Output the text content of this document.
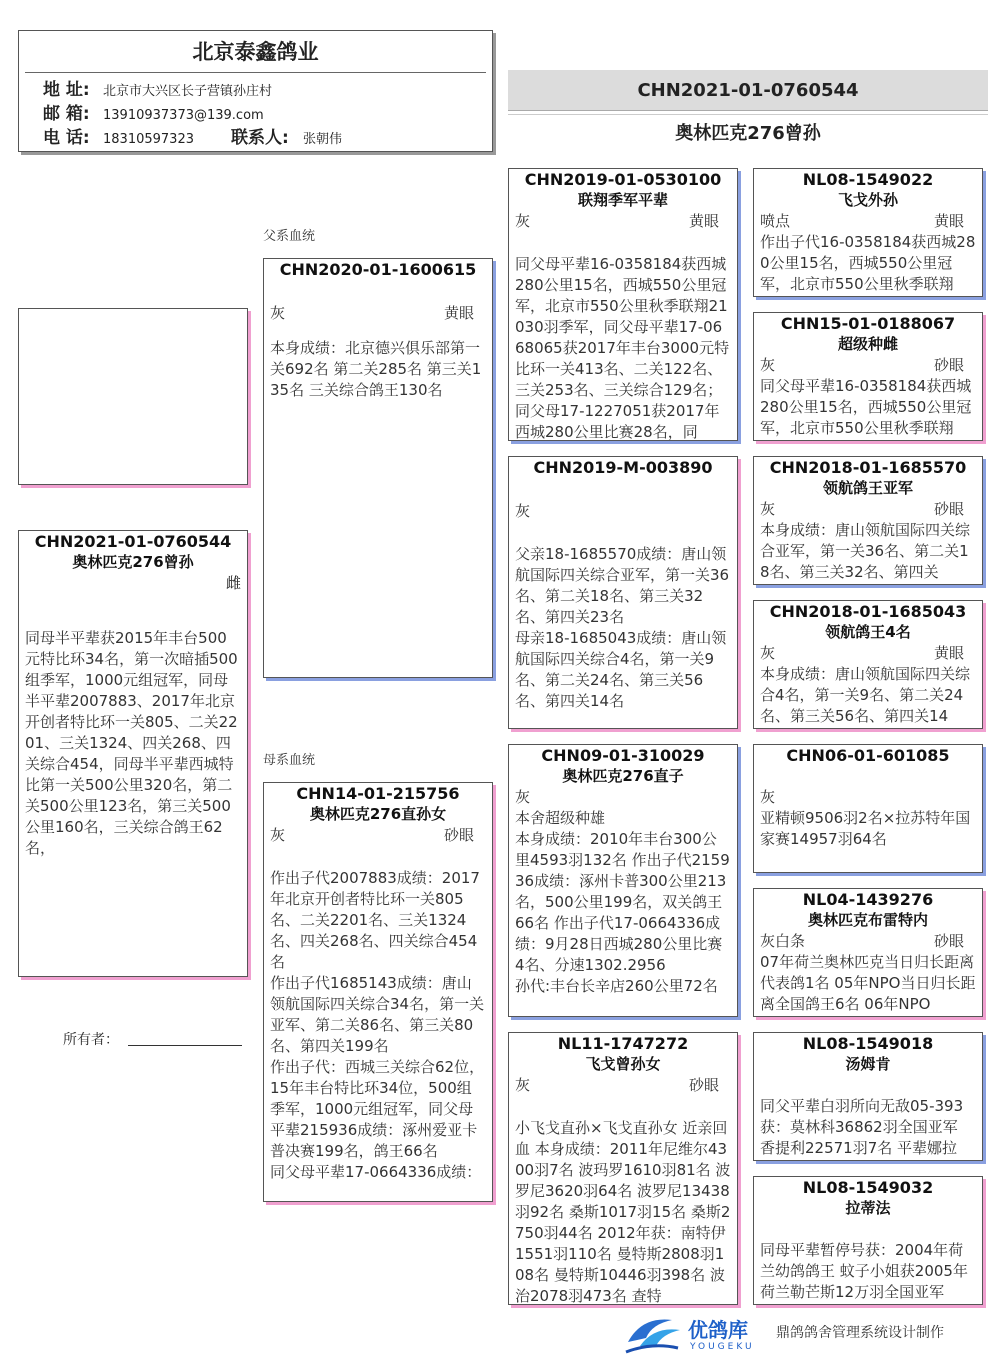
北京泰鑫鸽业
地 址:	北京市大兴区长子营镇孙庄村
邮 箱:	13910937373@139.com
电 话:	18310597323	联系人:	张朝伟
CHN2021-01-0760544
奥林匹克276曾孙
父系血统
母系血统
CHN2021-01-0760544
奥林匹克276曾孙
雌
同母半平辈获2015年丰台500元特比环34名，第一次暗插500组季军，1000元组冠军，同母半平辈2007883、2017年北京开创者特比环一关805、二关2201、三关1324、四关268、四关综合454，同母半平辈西城特比第一关500公里320名，第二关500公里123名，第三关500公里160名，三关综合鸽王62名，
所有者：
CHN2020-01-1600615
灰	黄眼
本身成绩：北京德兴俱乐部第一关692名 第二关285名 第三关135名 三关综合鸽王130名
CHN14-01-215756
奥林匹克276直孙女
灰	砂眼
作出子代2007883成绩：2017年北京开创者特比环一关805名、二关2201名、三关1324名、四关268名、四关综合454名
作出子代1685143成绩：唐山领航国际四关综合34名，第一关亚军、第二关86名、第三关80名、第四关199名
作出子代：西城三关综合62位，15年丰台特比环34位，500组季军，1000元组冠军，同父母平辈215936成绩：涿州爱亚卡普决赛199名，鸽王66名
同父母平辈17-0664336成绩：
CHN2019-01-0530100
联翔季军平辈
灰	黄眼
同父母平辈16-0358184获西城280公里15名，西城550公里冠军，北京市550公里秋季联翔21030羽季军，同父母平辈17-0668065获2017年丰台3000元特比环一关413名、二关122名、三关253名、三关综合129名；同父母17-1227051获2017年西城280公里比赛28名，同
CHN2019-M-003890
灰
父亲18-1685570成绩：唐山领航国际四关综合亚军，第一关36名、第二关18名、第三关32名、第四关23名
母亲18-1685043成绩：唐山领航国际四关综合4名，第一关9名、第二关24名、第三关56名、第四关14名
CHN09-01-310029
奥林匹克276直子
灰
本舍超级种雄
本身成绩：2010年丰台300公里4593羽132名 作出子代215936成绩：涿州卡普300公里213名，500公里199名，双关鸽王66名 作出子代17-0664336成绩：9月28日西城280公里比赛4名、分速1302.2956
孙代:丰台长辛店260公里72名
NL11-1747272
飞戈曾孙女
灰	砂眼
小飞戈直孙×飞戈直孙女 近亲回血 本身成绩：2011年尼维尔4300羽7名 波玛罗1610羽81名 波罗尼3620羽64名 波罗尼13438羽92名 桑斯1017羽15名 桑斯2750羽44名 2012年获：南特伊1551羽110名 曼特斯2808羽108名 曼特斯10446羽398名 波治2078羽473名 查特
NL08-1549022
飞戈外孙
喷点	黄眼
作出子代16-0358184获西城280公里15名，西城550公里冠军，北京市550公里秋季联翔
CHN15-01-0188067
超级种雌
灰	砂眼
同父母平辈16-0358184获西城280公里15名，西城550公里冠军，北京市550公里秋季联翔
CHN2018-01-1685570
领航鸽王亚军
灰	砂眼
本身成绩：唐山领航国际四关综合亚军，第一关36名、第二关18名、第三关32名、第四关
CHN2018-01-1685043
领航鸽王4名
灰	黄眼
本身成绩：唐山领航国际四关综合4名，第一关9名、第二关24名、第三关56名、第四关14
CHN06-01-601085
灰
亚精顿9506羽2名×拉苏特年国家赛14957羽64名
NL04-1439276
奥林匹克布雷特内
灰白条	砂眼
07年荷兰奥林匹克当日归长距离代表鸽1名 05年NPO当日归长距离全国鸽王6名 06年NPO
NL08-1549018
汤姆肯
同父平辈白羽所向无敌05-393获：莫林科36862羽全国亚军 香提利22571羽7名 平辈娜拉
NL08-1549032
拉蒂法
同母平辈暂停号获：2004年荷兰幼鸽鸽王 蚊子小姐获2005年荷兰勒芒斯12万羽全国亚军
优鸽库
YOUGEKU
鼎鸽鸽舍管理系统设计制作
